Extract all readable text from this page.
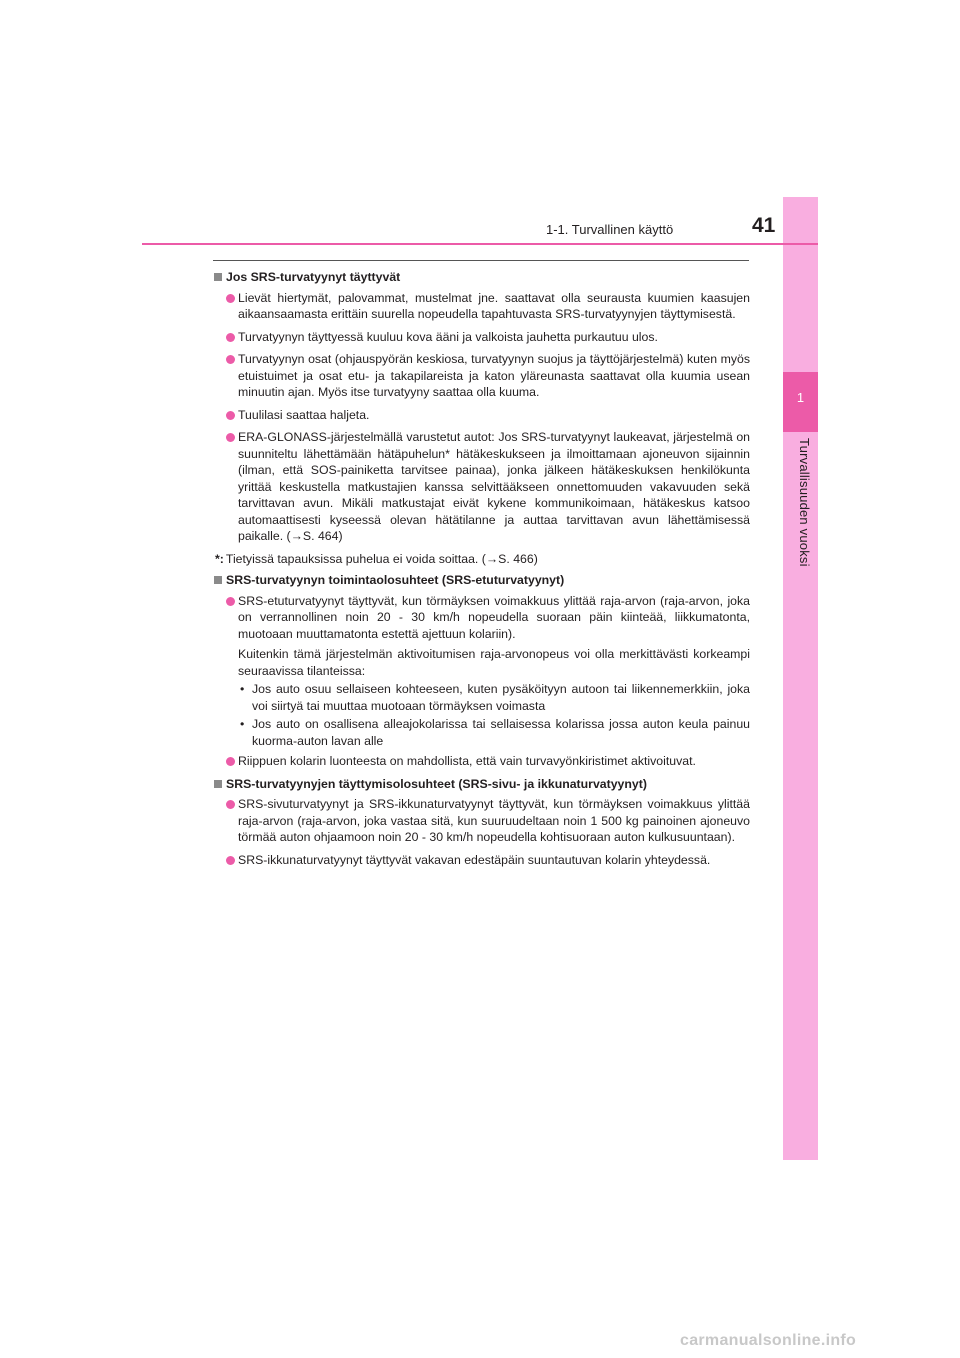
1
Turvallisuuden vuoksi
1-1. Turvallinen käyttö	41
Jos SRS-turvatyynyt täyttyvät
Lievät hiertymät, palovammat, mustelmat jne. saattavat olla seurausta kuumien kaasujen aikaansaamasta erittäin suurella nopeudella tapahtuvasta SRS-turvatyynyjen täyttymisestä.
Turvatyynyn täyttyessä kuuluu kova ääni ja valkoista jauhetta purkautuu ulos.
Turvatyynyn osat (ohjauspyörän keskiosa, turvatyynyn suojus ja täyttöjärjestelmä) kuten myös etuistuimet ja osat etu- ja takapilareista ja katon yläreunasta saattavat olla kuumia usean minuutin ajan. Myös itse turvatyyny saattaa olla kuuma.
Tuulilasi saattaa haljeta.
ERA-GLONASS-järjestelmällä varustetut autot: Jos SRS-turvatyynyt laukeavat, järjestelmä on suunniteltu lähettämään hätäpuhelun* hätäkeskukseen ja ilmoittamaan ajoneuvon sijainnin (ilman, että SOS-painiketta tarvitsee painaa), jonka jälkeen hätäkeskuksen henkilökunta yrittää keskustella matkustajien kanssa selvittääkseen onnettomuuden vakavuuden sekä tarvittavan avun. Mikäli matkustajat eivät kykene kommunikoimaan, hätäkeskus katsoo automaattisesti kyseessä olevan hätätilanne ja auttaa tarvittavan avun lähettämisessä paikalle. (→S. 464)
*: Tietyissä tapauksissa puhelua ei voida soittaa. (→S. 466)
SRS-turvatyynyn toimintaolosuhteet (SRS-etuturvatyynyt)
SRS-etuturvatyynyt täyttyvät, kun törmäyksen voimakkuus ylittää raja-arvon (raja-arvon, joka on verrannollinen noin 20 - 30 km/h nopeudella suoraan päin kiinteää, liikkumatonta, muotoaan muuttamatonta estettä ajettuun kolariin).
Kuitenkin tämä järjestelmän aktivoitumisen raja-arvonopeus voi olla merkittävästi korkeampi seuraavissa tilanteissa:
• Jos auto osuu sellaiseen kohteeseen, kuten pysäköityyn autoon tai liikennemerkkiin, joka voi siirtyä tai muuttaa muotoaan törmäyksen voimasta
• Jos auto on osallisena alleajokolarissa tai sellaisessa kolarissa jossa auton keula painuu kuorma-auton lavan alle
Riippuen kolarin luonteesta on mahdollista, että vain turvavyönkiristimet aktivoituvat.
SRS-turvatyynyjen täyttymisolosuhteet (SRS-sivu- ja ikkunaturvatyynyt)
SRS-sivuturvatyynyt ja SRS-ikkunaturvatyynyt täyttyvät, kun törmäyksen voimakkuus ylittää raja-arvon (raja-arvon, joka vastaa sitä, kun suuruudeltaan noin 1 500 kg painoinen ajoneuvo törmää auton ohjaamoon noin 20 - 30 km/h nopeudella kohtisuoraan auton kulkusuuntaan).
SRS-ikkunaturvatyynyt täyttyvät vakavan edestäpäin suuntautuvan kolarin yhteydessä.
carmanualsonline.info
